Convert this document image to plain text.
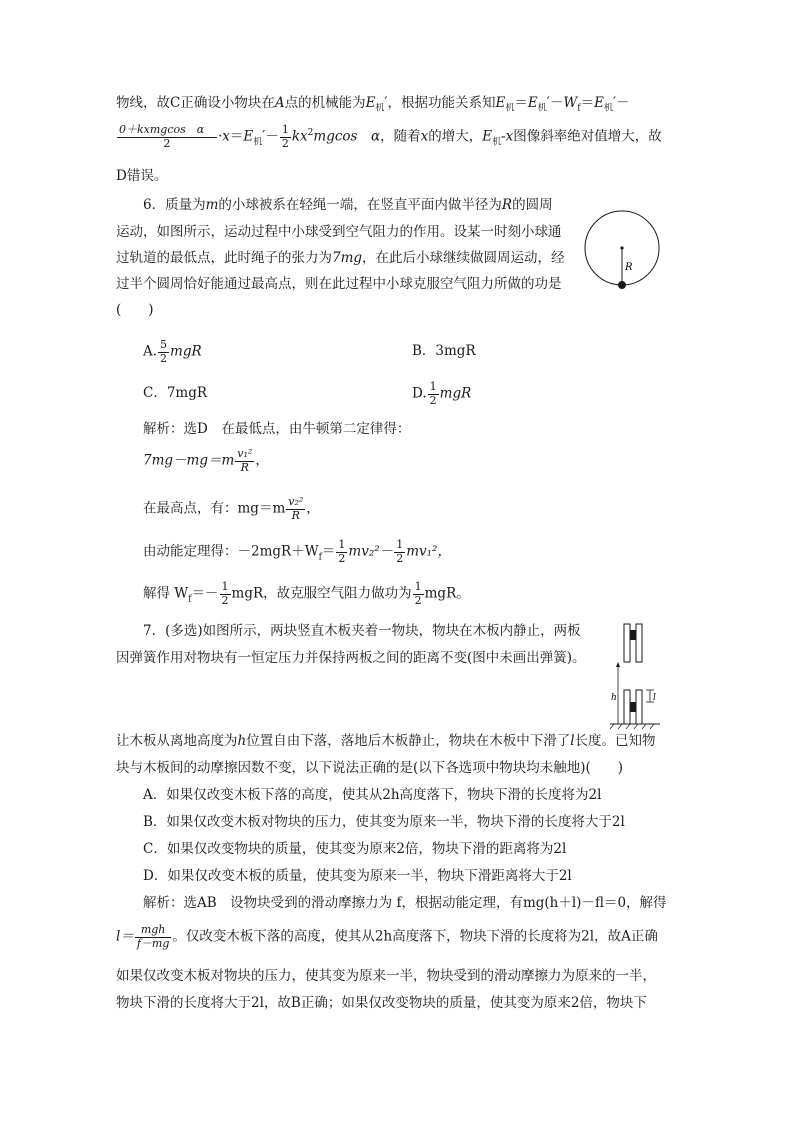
物线，故C正确设小物块在A点的机械能为$E_机'$，根据功能关系知$E_机=E_机'-W_f=E_机'-$
0＋kxmgcos　α
2	$\cdot x=E_机'- \frac{1}{2} kx^2mgcos$　α，随着x的增大，$E_机-x$图像斜率绝对值增大，故
D错误。
6．质量为m的小球被系在轻绳一端，在竖直平面内做半径为R的圆周
运动，如图所示，运动过程中小球受到空气阻力的作用。设某一时刻小球通
过轨道的最低点，此时绳子的张力为7mg，在此后小球继续做圆周运动，经
过半个圆周恰好能通过最高点，则在此过程中小球克服空气阻力所做的功是
(　　)
R
A. $\frac{5}{2}$ mgR	B．3mgR
C．7mgR	D. $\frac{1}{2}$ mgR
解析：选D　在最低点，由牛顿第二定律得：
$7mg-mg=m \frac{\text{v₁²}}{R}$ ，
在最高点，有：$mg=m \frac{\text{v₂²}}{R}$ ，
由动能定理得：$-2mgR+W_f= \frac{1}{2} mv_2^2- \frac{1}{2} mv_1^2$，
解得 $W_f=- \frac{1}{2}$ mgR，故克服空气阻力做功为 $\frac{1}{2}$ mgR。
7．(多选)如图所示，两块竖直木板夹着一物块，物块在木板内静止，两板
因弹簧作用对物块有一恒定压力并保持两板之间的距离不变(图中未画出弹簧)。
h	l
让木板从离地高度为h位置自由下落，落地后木板静止，物块在木板中下滑了l长度。已知物
块与木板间的动摩擦因数不变，以下说法正确的是(以下各选项中物块均未触地)(　　)
A．如果仅改变木板下落的高度，使其从2h高度落下，物块下滑的长度将为2l
B．如果仅改变木板对物块的压力，使其变为原来一半，物块下滑的长度将大于2l
C．如果仅改变物块的质量，使其变为原来2倍，物块下滑的距离将为2l
D．如果仅改变木板的质量，使其变为原来一半，物块下滑距离将大于2l
解析：选AB　设物块受到的滑动摩擦力为 f，根据动能定理，有mg(h＋l)－fl＝0，解得
l＝ mgh
f－mg 。仅改变木板下落的高度，使其从2h高度落下，物块下滑的长度将为2l，故A正确
如果仅改变木板对物块的压力，使其变为原来一半，物块受到的滑动摩擦力为原来的一半，
物块下滑的长度将大于2l，故B正确；如果仅改变物块的质量，使其变为原来2倍，物块下
